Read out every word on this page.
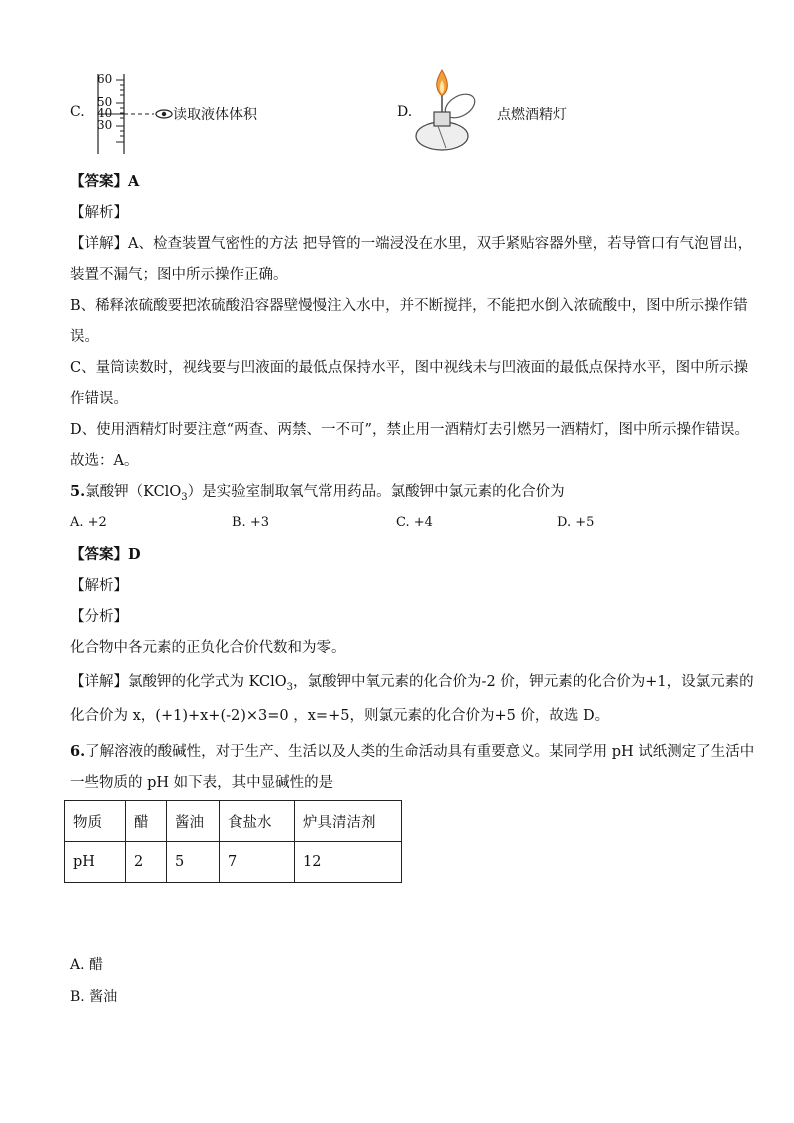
C.
60
50
40
30
读取液体体积	D.	点燃酒精灯
【答案】A
【解析】
【详解】A、检查装置气密性的方法 把导管的一端浸没在水里，双手紧贴容器外壁，若导管口有气泡冒出，
装置不漏气；图中所示操作正确。
B、稀释浓硫酸要把浓硫酸沿容器壁慢慢注入水中，并不断搅拌，不能把水倒入浓硫酸中，图中所示操作错
误。
C、量筒读数时，视线要与凹液面的最低点保持水平，图中视线未与凹液面的最低点保持水平，图中所示操
作错误。
D、使用酒精灯时要注意“两查、两禁、一不可”，禁止用一酒精灯去引燃另一酒精灯，图中所示操作错误。
故选：A。
5.氯酸钾（KClO$_3$）是实验室制取氧气常用药品。氯酸钾中氯元素的化合价为
A. +2	B. +3	C. +4	D. +5
【答案】D
【解析】
【分析】
化合物中各元素的正负化合价代数和为零。
【详解】氯酸钾的化学式为 KClO$_3$，氯酸钾中氧元素的化合价为-2 价，钾元素的化合价为+1，设氯元素的
化合价为 x，(+1)+x+(-2)×3=0 ，x=+5，则氯元素的化合价为+5 价，故选 D。
6.了解溶液的酸碱性，对于生产、生活以及人类的生命活动具有重要意义。某同学用 pH 试纸测定了生活中
一些物质的 pH 如下表，其中显碱性的是
物质	醋	酱油	食盐水	炉具清洁剂
pH	2	5	7	12
A. 醋
B. 酱油
